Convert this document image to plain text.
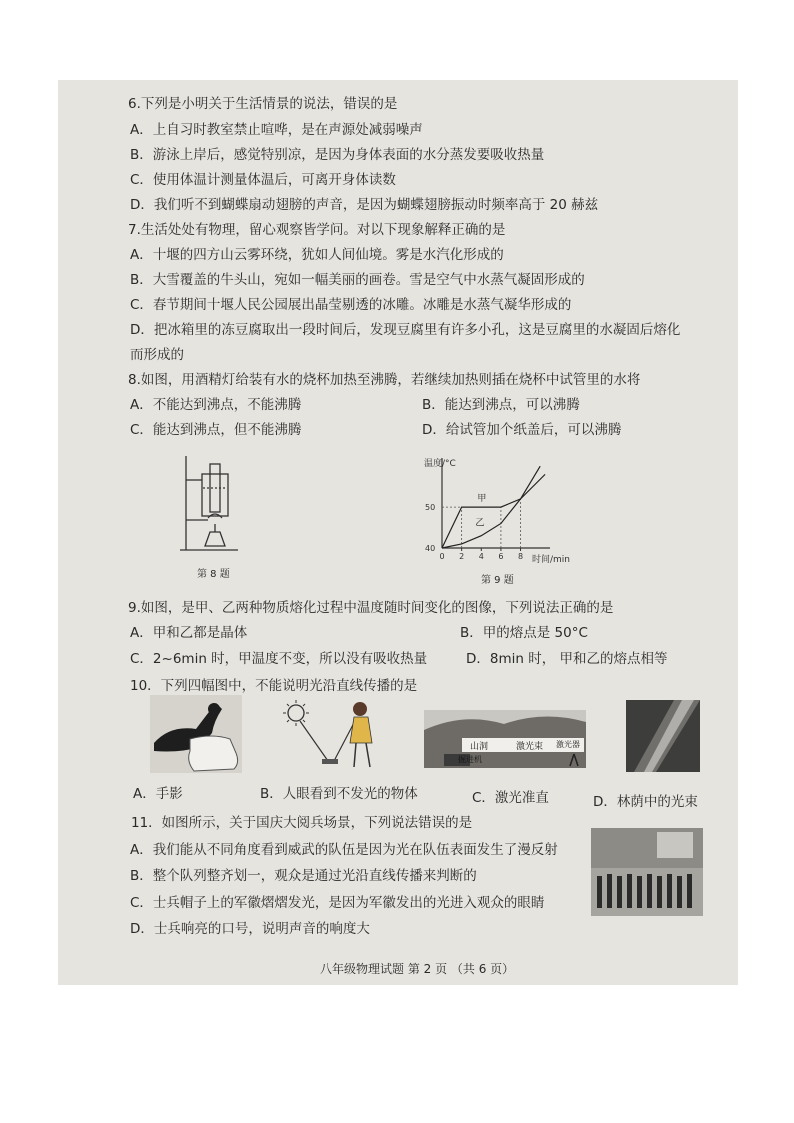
6.下列是小明关于生活情景的说法，错误的是
A．上自习时教室禁止喧哗，是在声源处减弱噪声
B．游泳上岸后，感觉特别凉，是因为身体表面的水分蒸发要吸收热量
C．使用体温计测量体温后，可离开身体读数
D．我们听不到蝴蝶扇动翅膀的声音，是因为蝴蝶翅膀振动时频率高于 20 赫兹
7.生活处处有物理，留心观察皆学问。对以下现象解释正确的是
A．十堰的四方山云雾环绕，犹如人间仙境。雾是水汽化形成的
B．大雪覆盖的牛头山，宛如一幅美丽的画卷。雪是空气中水蒸气凝固形成的
C．春节期间十堰人民公园展出晶莹剔透的冰雕。冰雕是水蒸气凝华形成的
D．把冰箱里的冻豆腐取出一段时间后，发现豆腐里有许多小孔，这是豆腐里的水凝固后熔化
而形成的
8.如图，用酒精灯给装有水的烧杯加热至沸腾，若继续加热则插在烧杯中试管里的水将
A．不能达到沸点，不能沸腾	B．能达到沸点，可以沸腾
C．能达到沸点，但不能沸腾	D．给试管加个纸盖后，可以沸腾
第 8 题
温度/°C
时间/min
0 2 4 6 8
40
50
甲
乙
第 9 题
9.如图，是甲、乙两种物质熔化过程中温度随时间变化的图像，下列说法正确的是
A．甲和乙都是晶体	B．甲的熔点是 50°C
C．2~6min 时，甲温度不变，所以没有吸收热量	D．8min 时， 甲和乙的熔点相等
10．下列四幅图中，不能说明光沿直线传播的是
山洞	激光束 激光器
掘进机
A．手影	B．人眼看到不发光的物体	C．激光准直	D．林荫中的光束
11．如图所示，关于国庆大阅兵场景，下列说法错误的是
A．我们能从不同角度看到威武的队伍是因为光在队伍表面发生了漫反射
B．整个队列整齐划一，观众是通过光沿直线传播来判断的
C．士兵帽子上的军徽熠熠发光，是因为军徽发出的光进入观众的眼睛
D．士兵响亮的口号，说明声音的响度大
八年级物理试题 第 2 页 （共 6 页）
